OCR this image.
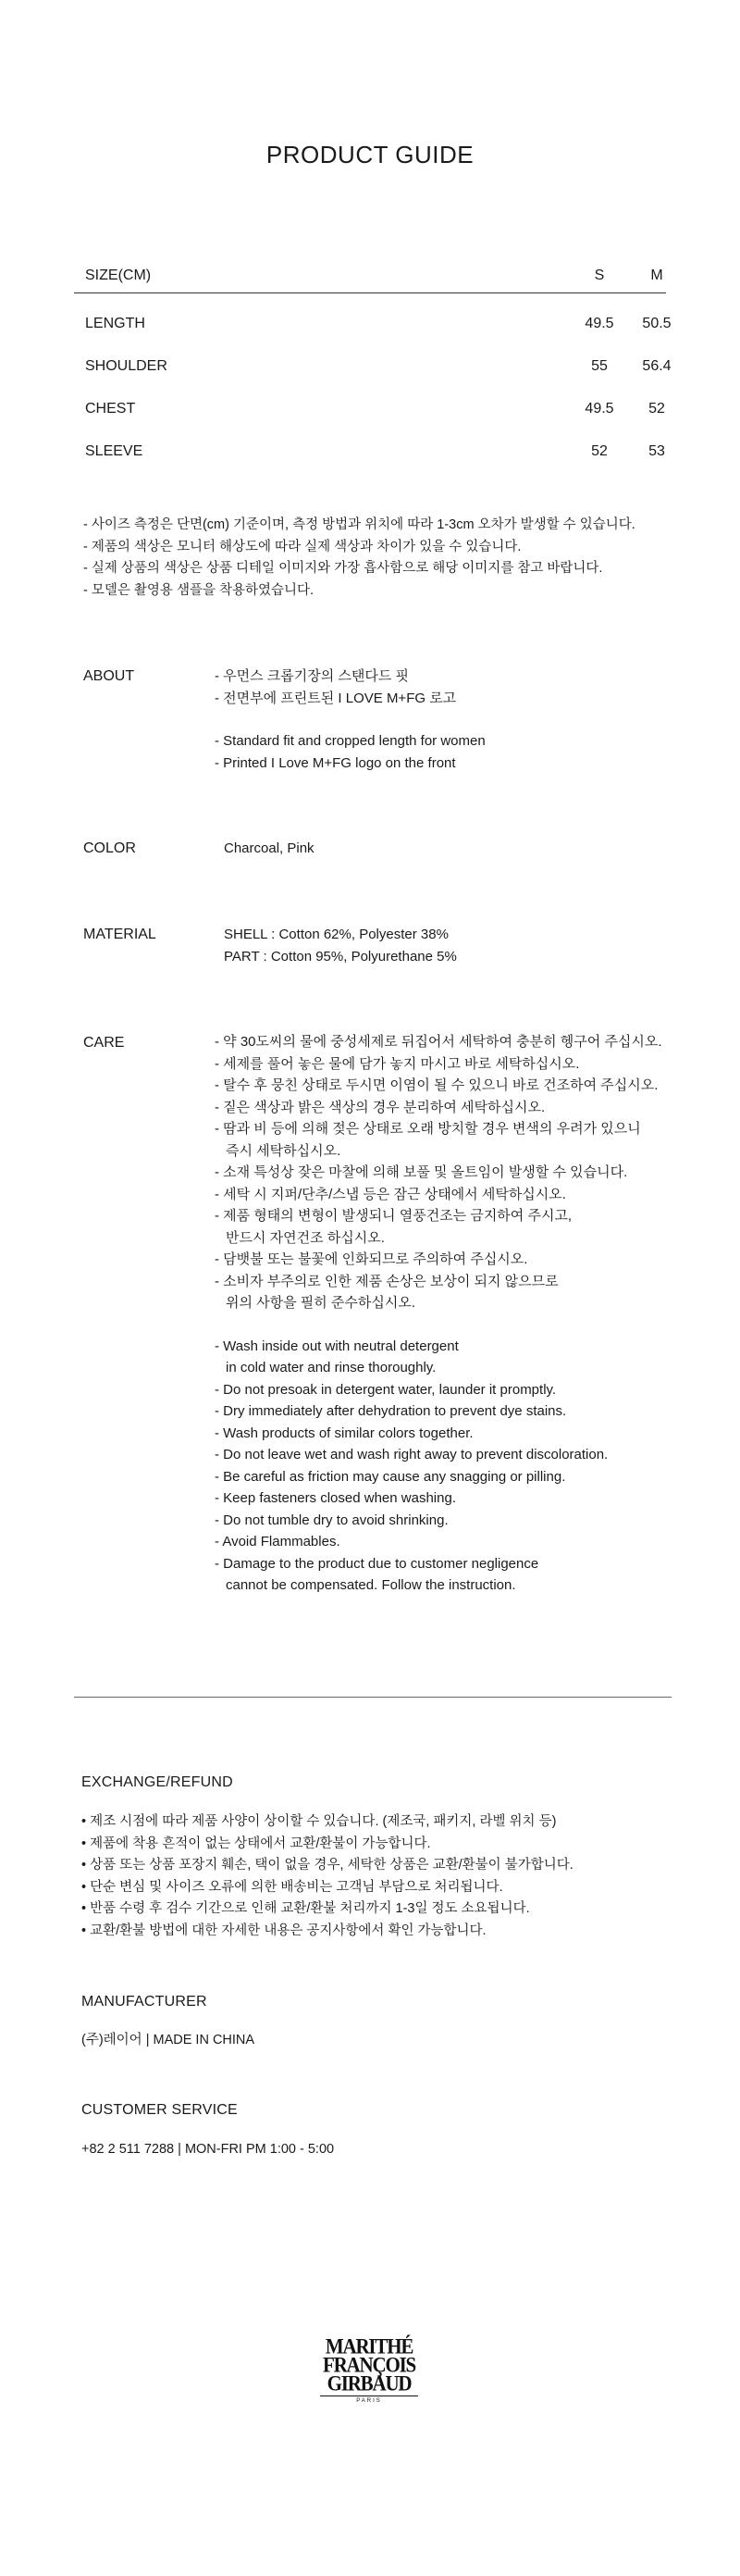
PRODUCT GUIDE
SIZE(CM)	S	M
LENGTH	49.5	50.5
SHOULDER	55	56.4
CHEST	49.5	52
SLEEVE	52	53
- 사이즈 측정은 단면(cm) 기준이며, 측정 방법과 위치에 따라 1-3cm 오차가 발생할 수 있습니다.
- 제품의 색상은 모니터 해상도에 따라 실제 색상과 차이가 있을 수 있습니다.
- 실제 상품의 색상은 상품 디테일 이미지와 가장 흡사함으로 해당 이미지를 참고 바랍니다.
- 모델은 촬영용 샘플을 착용하였습니다.
ABOUT	- 우먼스 크롭기장의 스탠다드 핏
- 전면부에 프린트된 I LOVE M+FG 로고
- Standard fit and cropped length for women
- Printed I Love M+FG logo on the front
COLOR	Charcoal, Pink
MATERIAL	SHELL : Cotton 62%, Polyester 38%
PART : Cotton 95%, Polyurethane 5%
CARE	- 약 30도씨의 물에 중성세제로 뒤집어서 세탁하여 충분히 헹구어 주십시오.
- 세제를 풀어 놓은 물에 담가 놓지 마시고 바로 세탁하십시오.
- 탈수 후 뭉친 상태로 두시면 이염이 될 수 있으니 바로 건조하여 주십시오.
- 짙은 색상과 밝은 색상의 경우 분리하여 세탁하십시오.
- 땀과 비 등에 의해 젖은 상태로 오래 방치할 경우 변색의 우려가 있으니
즉시 세탁하십시오.
- 소재 특성상 잦은 마찰에 의해 보풀 및 올트임이 발생할 수 있습니다.
- 세탁 시 지퍼/단추/스냅 등은 잠근 상태에서 세탁하십시오.
- 제품 형태의 변형이 발생되니 열풍건조는 금지하여 주시고,
반드시 자연건조 하십시오.
- 담뱃불 또는 불꽃에 인화되므로 주의하여 주십시오.
- 소비자 부주의로 인한 제품 손상은 보상이 되지 않으므로
위의 사항을 필히 준수하십시오.
- Wash inside out with neutral detergent
in cold water and rinse thoroughly.
- Do not presoak in detergent water, launder it promptly.
- Dry immediately after dehydration to prevent dye stains.
- Wash products of similar colors together.
- Do not leave wet and wash right away to prevent discoloration.
- Be careful as friction may cause any snagging or pilling.
- Keep fasteners closed when washing.
- Do not tumble dry to avoid shrinking.
- Avoid Flammables.
- Damage to the product due to customer negligence
cannot be compensated. Follow the instruction.
EXCHANGE/REFUND
• 제조 시점에 따라 제품 사양이 상이할 수 있습니다. (제조국, 패키지, 라벨 위치 등)
• 제품에 착용 흔적이 없는 상태에서 교환/환불이 가능합니다.
• 상품 또는 상품 포장지 훼손, 택이 없을 경우, 세탁한 상품은 교환/환불이 불가합니다.
• 단순 변심 및 사이즈 오류에 의한 배송비는 고객님 부담으로 처리됩니다.
• 반품 수령 후 검수 기간으로 인해 교환/환불 처리까지 1-3일 정도 소요됩니다.
• 교환/환불 방법에 대한 자세한 내용은 공지사항에서 확인 가능합니다.
MANUFACTURER
(주)레이어 | MADE IN CHINA
CUSTOMER SERVICE
+82 2 511 7288 | MON-FRI PM 1:00 - 5:00
MARITHÉ
FRANÇOIS
GIRBAUD
PARIS
